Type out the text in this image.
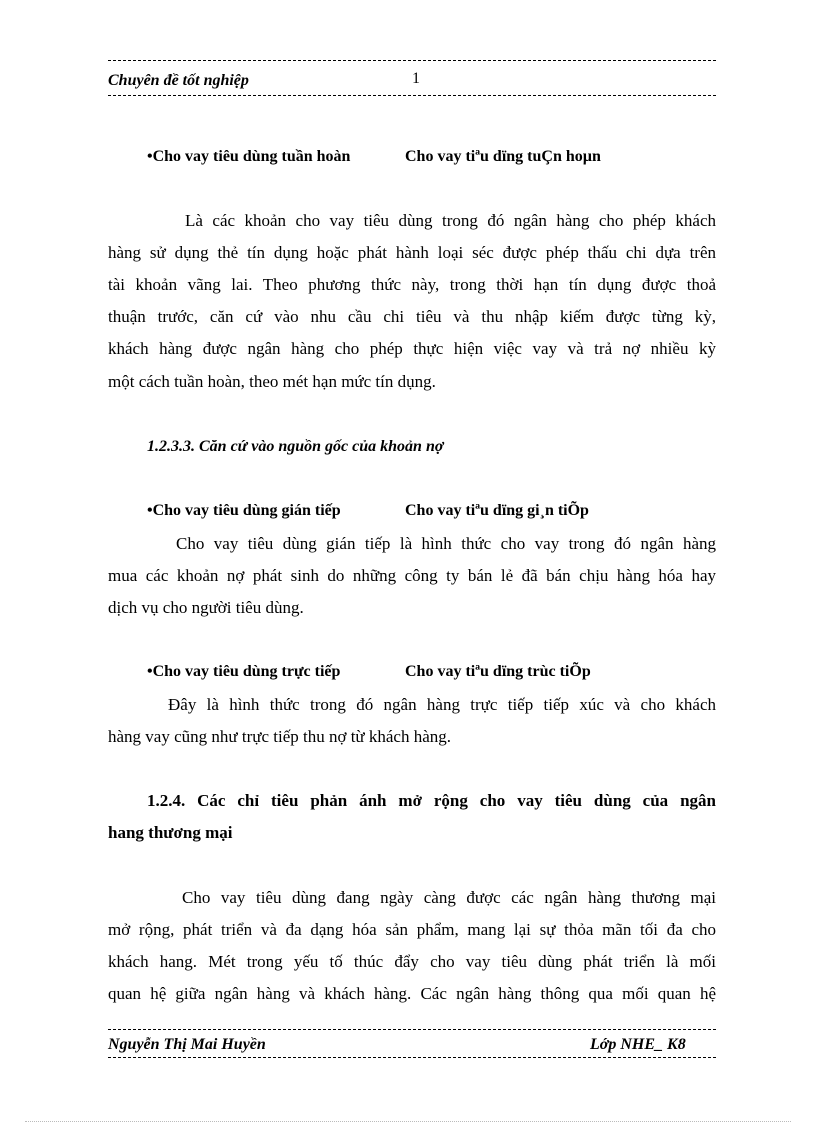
Chuyên đề tốt nghiệp	1
•Cho vay tiêu dùng tuần hoàn	Cho vay tiªu dïng tuÇn hoµn
Là các khoản cho vay tiêu dùng trong đó ngân hàng cho phép khách
hàng sử dụng thẻ tín dụng hoặc phát hành loại séc được phép thấu chi dựa trên
tài khoản vãng lai. Theo phương thức này, trong thời hạn tín dụng được thoả
thuận trước, căn cứ vào nhu cầu chi tiêu và thu nhập kiếm được từng kỳ,
khách hàng được ngân hàng cho phép thực hiện việc vay và trả nợ nhiều kỳ
một cách tuần hoàn, theo mét hạn mức tín dụng.
1.2.3.3. Căn cứ vào nguồn gốc của khoản nợ
•Cho vay tiêu dùng gián tiếp	Cho vay tiªu dïng gi¸n tiÕp
Cho vay tiêu dùng gián tiếp là hình thức cho vay trong đó ngân hàng
mua các khoản nợ phát sinh do những công ty bán lẻ đã bán chịu hàng hóa hay
dịch vụ cho người tiêu dùng.
•Cho vay tiêu dùng trực tiếp	Cho vay tiªu dïng trùc tiÕp
Đây là hình thức trong đó ngân hàng trực tiếp tiếp xúc và cho khách
hàng vay cũng như trực tiếp thu nợ từ khách hàng.
1.2.4. Các chỉ tiêu phản ánh mở rộng cho vay tiêu dùng của ngân
hang thương mại
Cho vay tiêu dùng đang ngày càng được các ngân hàng thương mại
mở rộng, phát triển và đa dạng hóa sản phẩm, mang lại sự thỏa mãn tối đa cho
khách hang. Mét trong yếu tố thúc đẩy cho vay tiêu dùng phát triển là mối
quan hệ giữa ngân hàng và khách hàng. Các ngân hàng thông qua mối quan hệ
Nguyễn Thị Mai Huyền	Lớp NHE_ K8
